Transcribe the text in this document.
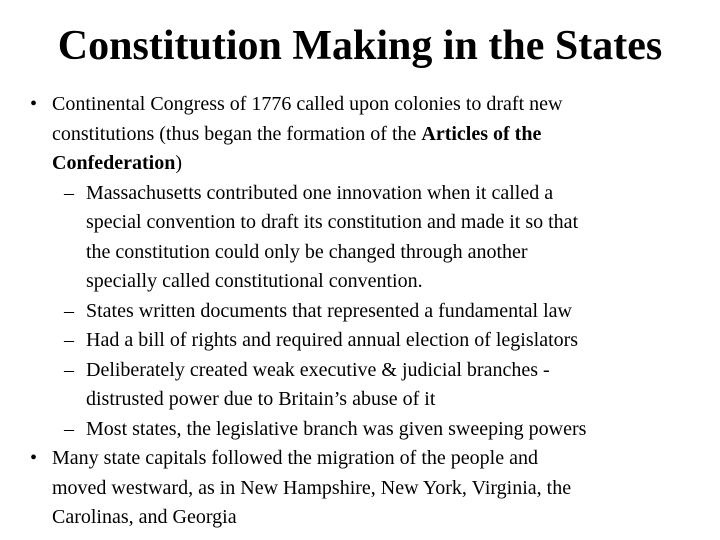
Constitution Making in the States
• Continental Congress of 1776 called upon colonies to draft new
constitutions (thus began the formation of the Articles of the
Confederation)
– Massachusetts contributed one innovation when it called a
special convention to draft its constitution and made it so that
the constitution could only be changed through another
specially called constitutional convention.
– States written documents that represented a fundamental law
– Had a bill of rights and required annual election of legislators
– Deliberately created weak executive & judicial branches -
distrusted power due to Britain’s abuse of it
– Most states, the legislative branch was given sweeping powers
• Many state capitals followed the migration of the people and
moved westward, as in New Hampshire, New York, Virginia, the
Carolinas, and Georgia
